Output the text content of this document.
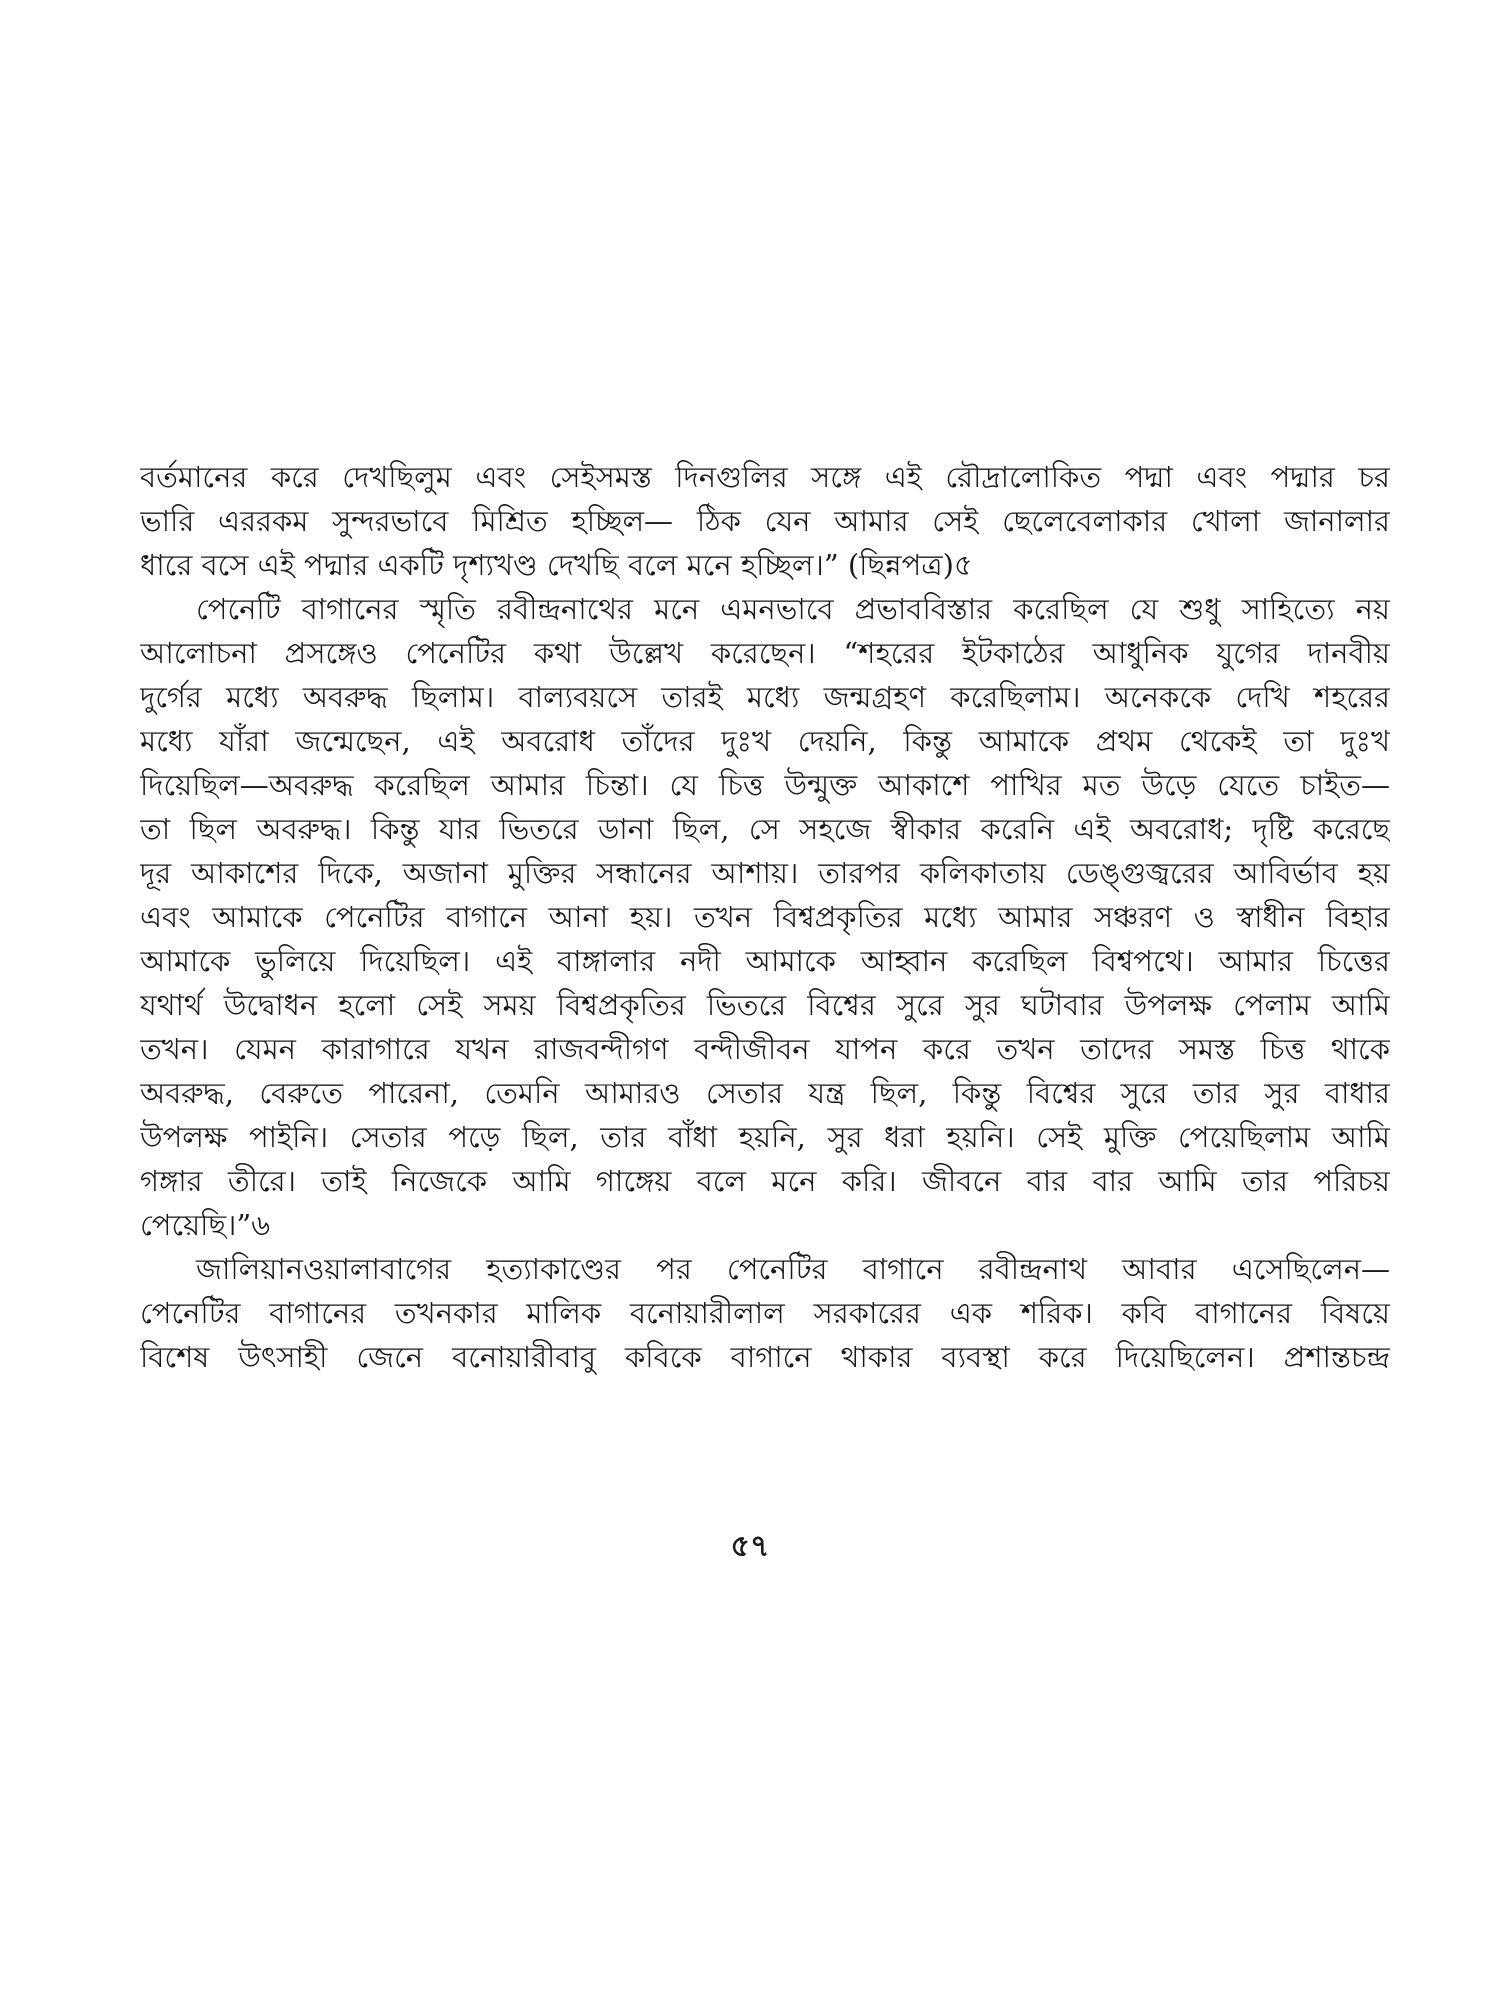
বর্তমানের করে দেখছিলুম এবং সেইসমস্ত দিনগুলির সঙ্গে এই রৌদ্রালোকিত পদ্মা এবং পদ্মার চর
ভারি এররকম সুন্দরভাবে মিশ্রিত হচ্ছিল— ঠিক যেন আমার সেই ছেলেবেলাকার খোলা জানালার
ধারে বসে এই পদ্মার একটি দৃশ্যখণ্ড দেখছি বলে মনে হচ্ছিল।” (ছিন্নপত্র)৫
পেনেটি বাগানের স্মৃতি রবীন্দ্রনাথের মনে এমনভাবে প্রভাববিস্তার করেছিল যে শুধু সাহিত্যে নয়
আলোচনা প্রসঙ্গেও পেনেটির কথা উল্লেখ করেছেন। “শহরের ইটকাঠের আধুনিক যুগের দানবীয়
দুর্গের মধ্যে অবরুদ্ধ ছিলাম। বাল্যবয়সে তারই মধ্যে জন্মগ্রহণ করেছিলাম। অনেককে দেখি শহরের
মধ্যে যাঁরা জন্মেছেন, এই অবরোধ তাঁদের দুঃখ দেয়নি, কিন্তু আমাকে প্রথম থেকেই তা দুঃখ
দিয়েছিল—অবরুদ্ধ করেছিল আমার চিন্তা। যে চিত্ত উন্মুক্ত আকাশে পাখির মত উড়ে যেতে চাইত—
তা ছিল অবরুদ্ধ। কিন্তু যার ভিতরে ডানা ছিল, সে সহজে স্বীকার করেনি এই অবরোধ; দৃষ্টি করেছে
দূর আকাশের দিকে, অজানা মুক্তির সন্ধানের আশায়। তারপর কলিকাতায় ডেঙ্গুজ্বরের আবির্ভাব হয়
এবং আমাকে পেনেটির বাগানে আনা হয়। তখন বিশ্বপ্রকৃতির মধ্যে আমার সঞ্চরণ ও স্বাধীন বিহার
আমাকে ভুলিয়ে দিয়েছিল। এই বাঙ্গালার নদী আমাকে আহ্বান করেছিল বিশ্বপথে। আমার চিত্তের
যথার্থ উদ্বোধন হলো সেই সময় বিশ্বপ্রকৃতির ভিতরে বিশ্বের সুরে সুর ঘটাবার উপলক্ষ পেলাম আমি
তখন। যেমন কারাগারে যখন রাজবন্দীগণ বন্দীজীবন যাপন করে তখন তাদের সমস্ত চিত্ত থাকে
অবরুদ্ধ, বেরুতে পারেনা, তেমনি আমারও সেতার যন্ত্র ছিল, কিন্তু বিশ্বের সুরে তার সুর বাধার
উপলক্ষ পাইনি। সেতার পড়ে ছিল, তার বাঁধা হয়নি, সুর ধরা হয়নি। সেই মুক্তি পেয়েছিলাম আমি
গঙ্গার তীরে। তাই নিজেকে আমি গাঙ্গেয় বলে মনে করি। জীবনে বার বার আমি তার পরিচয়
পেয়েছি।”৬
জালিয়ানওয়ালাবাগের হত্যাকাণ্ডের পর পেনেটির বাগানে রবীন্দ্রনাথ আবার এসেছিলেন—
পেনেটির বাগানের তখনকার মালিক বনোয়ারীলাল সরকারের এক শরিক। কবি বাগানের বিষয়ে
বিশেষ উৎসাহী জেনে বনোয়ারীবাবু কবিকে বাগানে থাকার ব্যবস্থা করে দিয়েছিলেন। প্রশান্তচন্দ্র
৫৭
